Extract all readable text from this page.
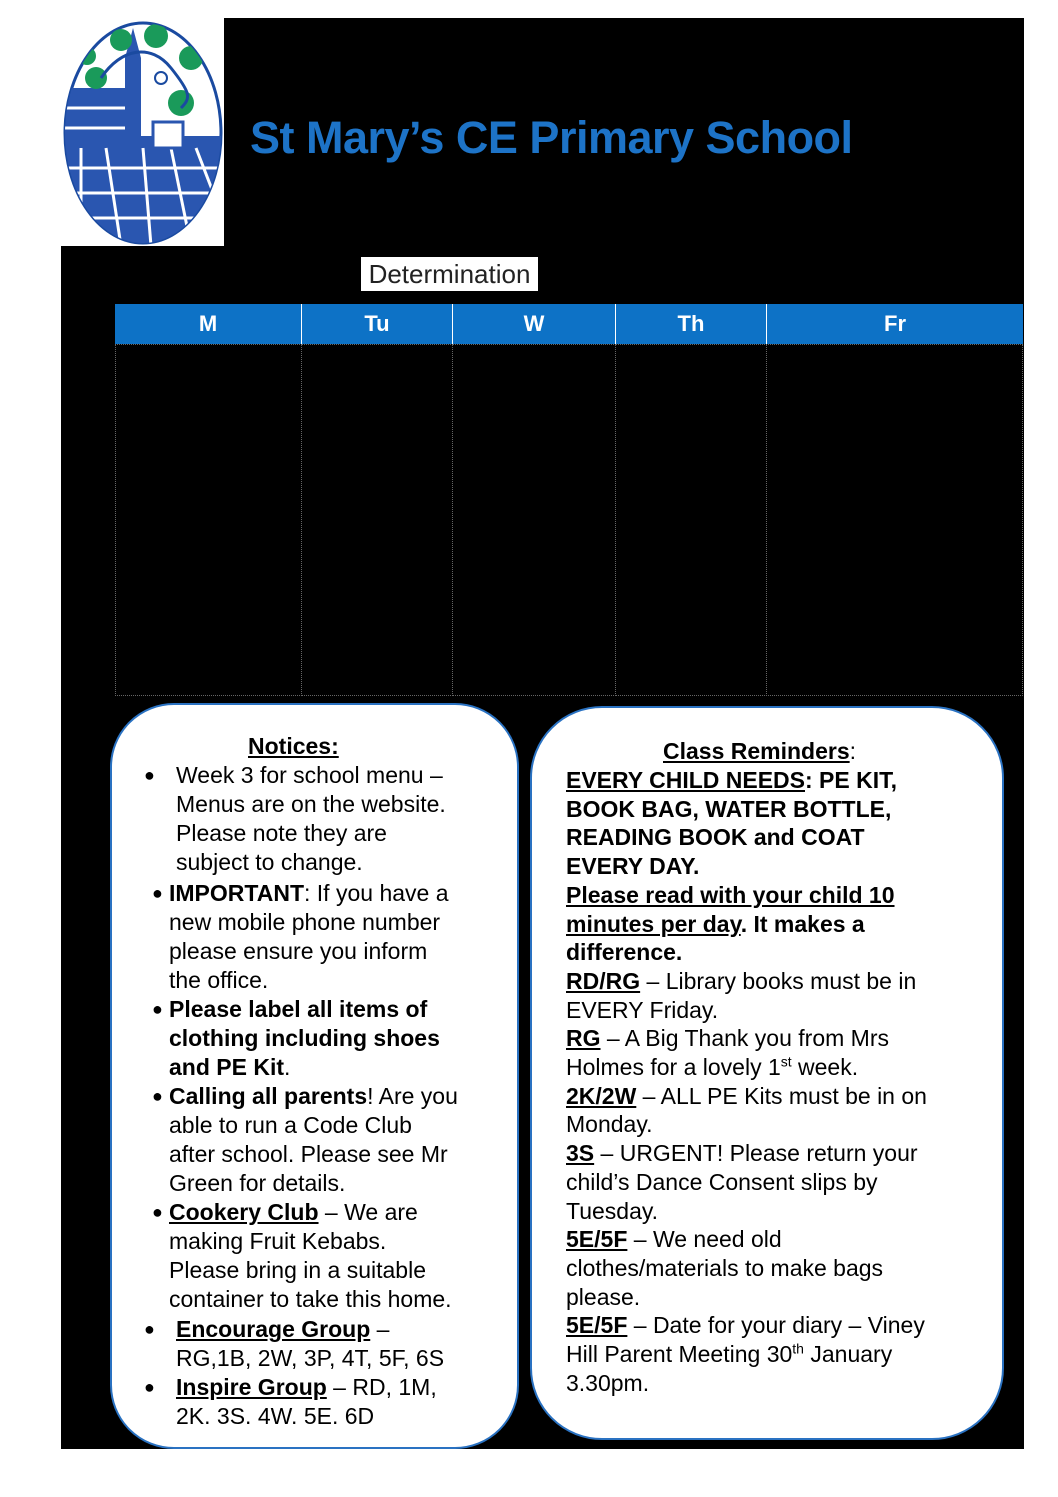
St Mary’s CE Primary School
Determination
M	Tu	W	Th	Fr
Notices:
● Week 3 for school menu –
Menus are on the website.
Please note they are
subject to change.
● IMPORTANT: If you have a
new mobile phone number
please ensure you inform
the office.
● Please label all items of
clothing including shoes
and PE Kit.
● Calling all parents! Are you
able to run a Code Club
after school. Please see Mr
Green for details.
● Cookery Club – We are
making Fruit Kebabs.
Please bring in a suitable
container to take this home.
● Encourage Group –
RG,1B, 2W, 3P, 4T, 5F, 6S
● Inspire Group – RD, 1M,
2K. 3S. 4W. 5E. 6D
Class Reminders:
EVERY CHILD NEEDS: PE KIT,
BOOK BAG, WATER BOTTLE,
READING BOOK and COAT
EVERY DAY.
Please read with your child 10
minutes per day. It makes a
difference.
RD/RG – Library books must be in
EVERY Friday.
RG – A Big Thank you from Mrs
Holmes for a lovely 1st week.
2K/2W – ALL PE Kits must be in on
Monday.
3S – URGENT! Please return your
child’s Dance Consent slips by
Tuesday.
5E/5F – We need old
clothes/materials to make bags
please.
5E/5F – Date for your diary – Viney
Hill Parent Meeting 30th January
3.30pm.
